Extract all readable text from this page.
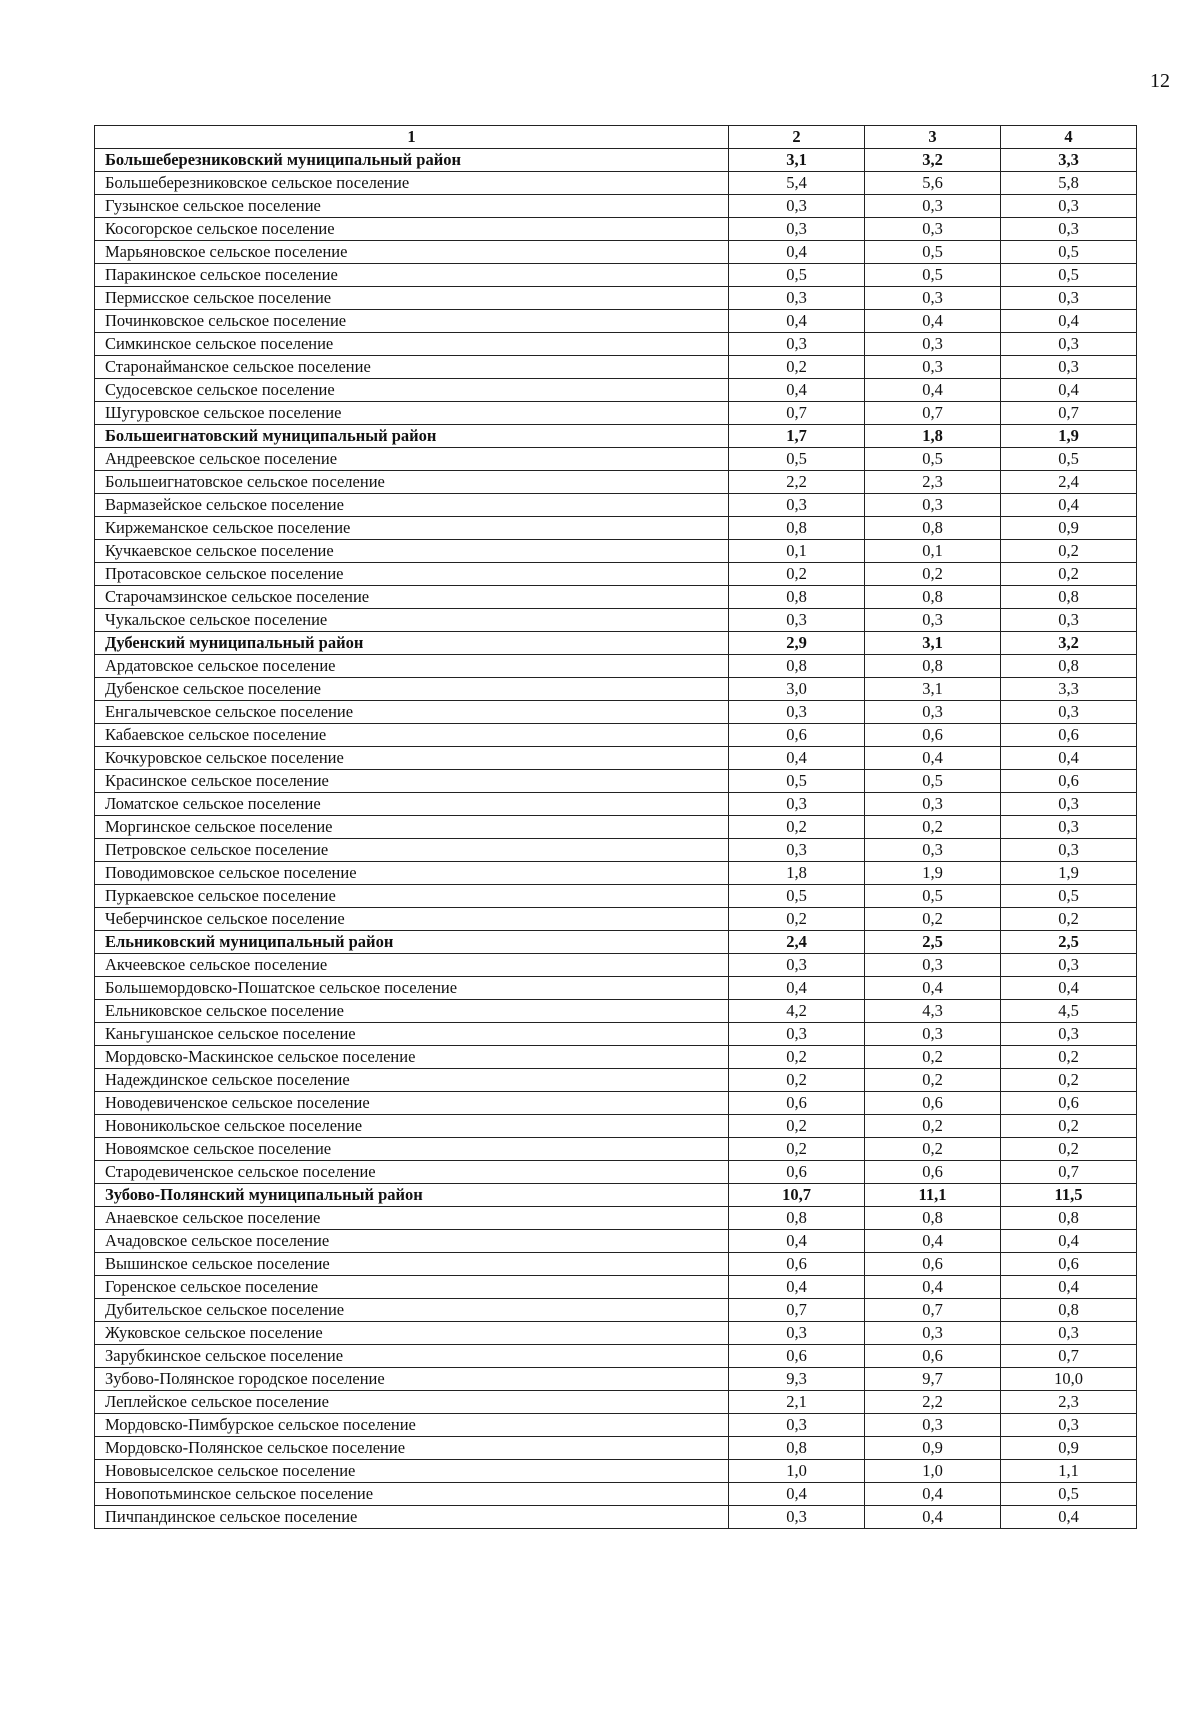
12
1	2	3	4
Большеберезниковский муниципальный район	3,1	3,2	3,3
Большеберезниковское сельское поселение	5,4	5,6	5,8
Гузынское сельское поселение	0,3	0,3	0,3
Косогорское сельское поселение	0,3	0,3	0,3
Марьяновское сельское поселение	0,4	0,5	0,5
Паракинское сельское поселение	0,5	0,5	0,5
Пермисское сельское поселение	0,3	0,3	0,3
Починковское сельское поселение	0,4	0,4	0,4
Симкинское сельское поселение	0,3	0,3	0,3
Старонайманское сельское поселение	0,2	0,3	0,3
Судосевское сельское поселение	0,4	0,4	0,4
Шугуровское сельское поселение	0,7	0,7	0,7
Большеигнатовский муниципальный район	1,7	1,8	1,9
Андреевское сельское поселение	0,5	0,5	0,5
Большеигнатовское сельское поселение	2,2	2,3	2,4
Вармазейское сельское поселение	0,3	0,3	0,4
Киржеманское сельское поселение	0,8	0,8	0,9
Кучкаевское сельское поселение	0,1	0,1	0,2
Протасовское сельское поселение	0,2	0,2	0,2
Старочамзинское сельское поселение	0,8	0,8	0,8
Чукальское сельское поселение	0,3	0,3	0,3
Дубенский муниципальный район	2,9	3,1	3,2
Ардатовское сельское поселение	0,8	0,8	0,8
Дубенское сельское поселение	3,0	3,1	3,3
Енгалычевское сельское поселение	0,3	0,3	0,3
Кабаевское сельское поселение	0,6	0,6	0,6
Кочкуровское сельское поселение	0,4	0,4	0,4
Красинское сельское поселение	0,5	0,5	0,6
Ломатское сельское поселение	0,3	0,3	0,3
Моргинское сельское поселение	0,2	0,2	0,3
Петровское сельское поселение	0,3	0,3	0,3
Поводимовское сельское поселение	1,8	1,9	1,9
Пуркаевское сельское поселение	0,5	0,5	0,5
Чеберчинское сельское поселение	0,2	0,2	0,2
Ельниковский муниципальный район	2,4	2,5	2,5
Акчеевское сельское поселение	0,3	0,3	0,3
Большемордовско-Пошатское сельское поселение	0,4	0,4	0,4
Ельниковское сельское поселение	4,2	4,3	4,5
Каньгушанское сельское поселение	0,3	0,3	0,3
Мордовско-Маскинское сельское поселение	0,2	0,2	0,2
Надеждинское сельское поселение	0,2	0,2	0,2
Новодевиченское сельское поселение	0,6	0,6	0,6
Новоникольское сельское поселение	0,2	0,2	0,2
Новоямское сельское поселение	0,2	0,2	0,2
Стародевиченское сельское поселение	0,6	0,6	0,7
Зубово-Полянский муниципальный район	10,7	11,1	11,5
Анаевское сельское поселение	0,8	0,8	0,8
Ачадовское сельское поселение	0,4	0,4	0,4
Вышинское сельское поселение	0,6	0,6	0,6
Горенское сельское поселение	0,4	0,4	0,4
Дубительское сельское поселение	0,7	0,7	0,8
Жуковское сельское поселение	0,3	0,3	0,3
Зарубкинское сельское поселение	0,6	0,6	0,7
Зубово-Полянское городское поселение	9,3	9,7	10,0
Леплейское сельское поселение	2,1	2,2	2,3
Мордовско-Пимбурское сельское поселение	0,3	0,3	0,3
Мордовско-Полянское сельское поселение	0,8	0,9	0,9
Нововыселское сельское поселение	1,0	1,0	1,1
Новопотьминское сельское поселение	0,4	0,4	0,5
Пичпандинское сельское поселение	0,3	0,4	0,4
